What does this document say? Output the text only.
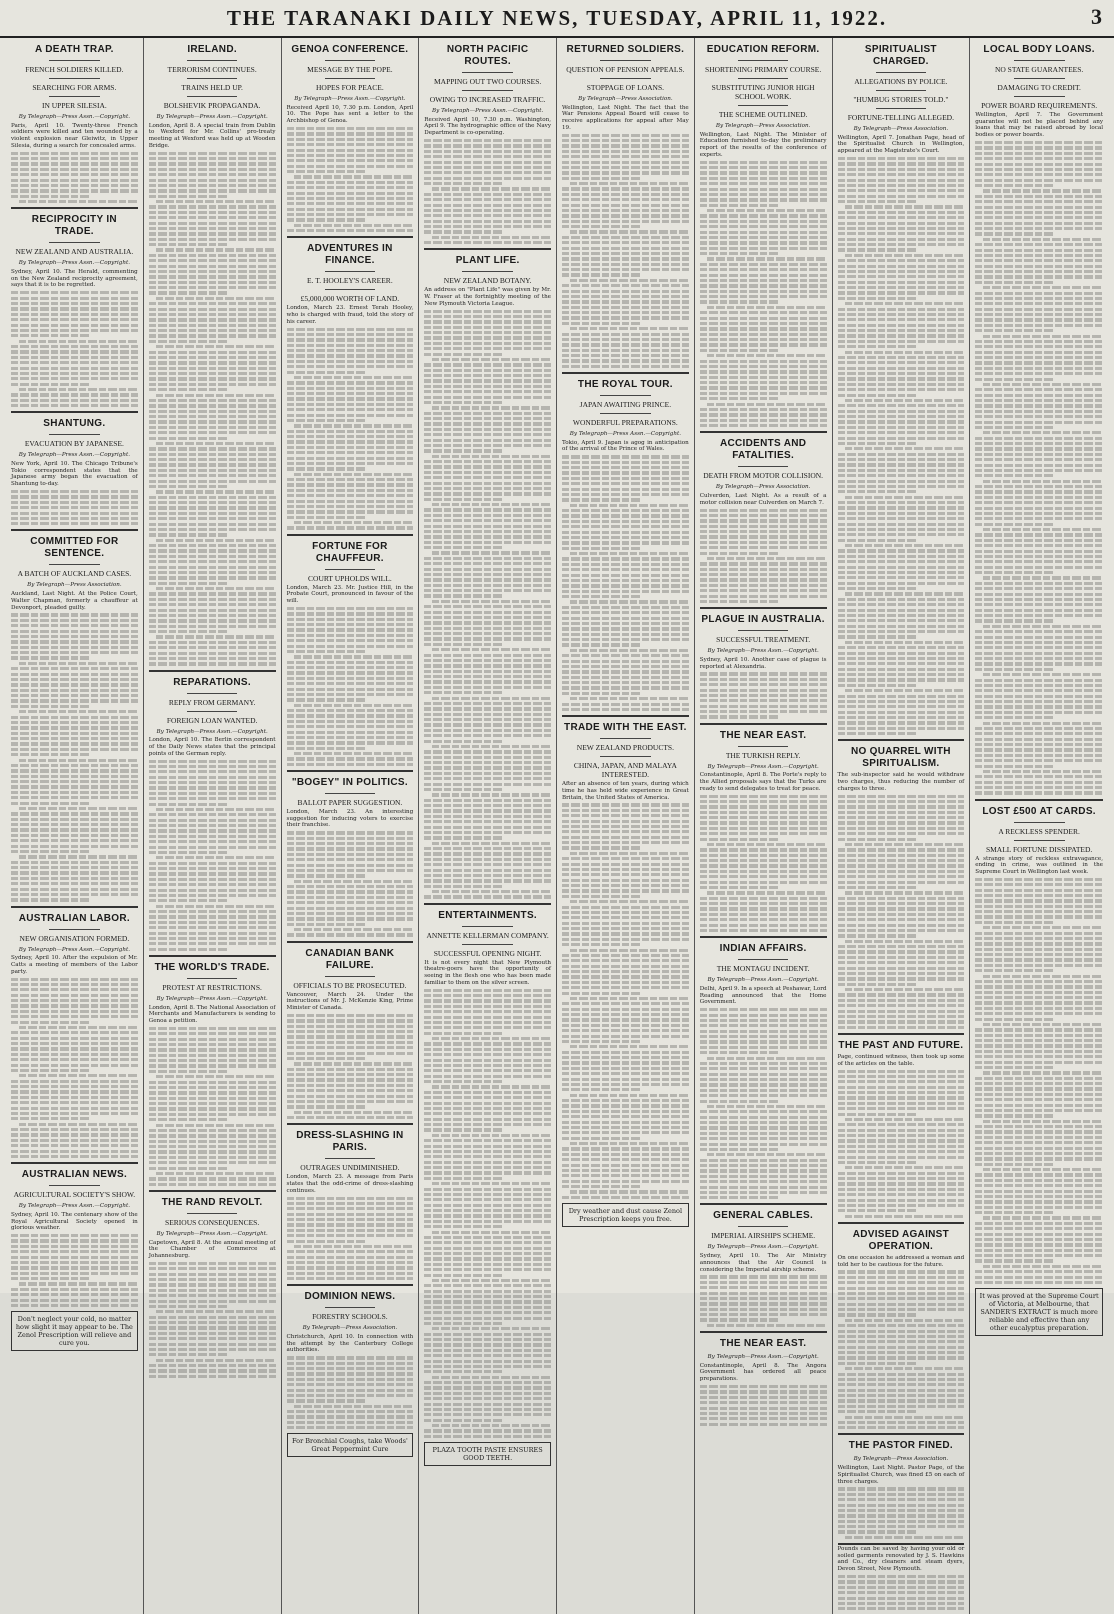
THE TARANAKI DAILY NEWS, TUESDAY, APRIL 11, 1922.	3
A DEATH TRAP.
FRENCH SOLDIERS KILLED.
SEARCHING FOR ARMS.
IN UPPER SILESIA.
By Telegraph—Press Assn.—Copyright.
Paris, April 10. Twenty-three French soldiers were killed and ten wounded by a violent explosion near Gleiwitz, in Upper Silesia, during a search for concealed arms.
RECIPROCITY IN TRADE.
NEW ZEALAND AND AUSTRALIA.
By Telegraph—Press Assn.—Copyright.
Sydney, April 10. The Herald, commenting on the New Zealand reciprocity agreement, says that it is to be regretted.
SHANTUNG.
EVACUATION BY JAPANESE.
By Telegraph—Press Assn.—Copyright.
New York, April 10. The Chicago Tribune's Tokio correspondent states that the Japanese army began the evacuation of Shantung to-day.
COMMITTED FOR SENTENCE.
A BATCH OF AUCKLAND CASES.
By Telegraph—Press Association.
Auckland, Last Night. At the Police Court, Walter Chapman, formerly a chauffeur at Devonport, pleaded guilty.
AUSTRALIAN LABOR.
NEW ORGANISATION FORMED.
By Telegraph—Press Assn.—Copyright.
Sydney, April 10. After the expulsion of Mr. Catts a meeting of members of the Labor party.
AUSTRALIAN NEWS.
AGRICULTURAL SOCIETY'S SHOW.
By Telegraph—Press Assn.—Copyright.
Sydney, April 10. The centenary show of the Royal Agricultural Society opened in glorious weather.
Don't neglect your cold, no matter how slight it may appear to be. The Zenol Prescription will relieve and cure you.
IRELAND.
TERRORISM CONTINUES.
TRAINS HELD UP.
BOLSHEVIK PROPAGANDA.
By Telegraph—Press Assn.—Copyright.
London, April 8. A special train from Dublin to Wexford for Mr. Collins' pro-treaty meeting at Wexford was held up at Wooden Bridge.
REPARATIONS.
REPLY FROM GERMANY.
FOREIGN LOAN WANTED.
By Telegraph—Press Assn.—Copyright.
London, April 10. The Berlin correspondent of the Daily News states that the principal points of the German reply.
THE WORLD'S TRADE.
PROTEST AT RESTRICTIONS.
By Telegraph—Press Assn.—Copyright.
London, April 8. The National Association of Merchants and Manufacturers is sending to Genoa a petition.
THE RAND REVOLT.
SERIOUS CONSEQUENCES.
By Telegraph—Press Assn.—Copyright.
Capetown, April 8. At the annual meeting of the Chamber of Commerce at Johannesburg.
GENOA CONFERENCE.
MESSAGE BY THE POPE.
HOPES FOR PEACE.
By Telegraph—Press Assn.—Copyright.
Received April 10, 7.30 p.m. London, April 10. The Pope has sent a letter to the Archbishop of Genoa.
ADVENTURES IN FINANCE.
E. T. HOOLEY'S CAREER.
£5,000,000 WORTH OF LAND.
London, March 23. Ernest Terah Hooley, who is charged with fraud, told the story of his career.
FORTUNE FOR CHAUFFEUR.
COURT UPHOLDS WILL.
London, March 23. Mr. Justice Hill, in the Probate Court, pronounced in favour of the will.
"BOGEY" IN POLITICS.
BALLOT PAPER SUGGESTION.
London, March 23. An interesting suggestion for inducing voters to exercise their franchise.
CANADIAN BANK FAILURE.
OFFICIALS TO BE PROSECUTED.
Vancouver, March 24. Under the instructions of Mr. J. McKenzie King, Prime Minister of Canada.
DRESS-SLASHING IN PARIS.
OUTRAGES UNDIMINISHED.
London, March 23. A message from Paris states that the odd-crime of dress-slashing continues.
DOMINION NEWS.
FORESTRY SCHOOLS.
By Telegraph—Press Association.
Christchurch, April 10. In connection with the attempt by the Canterbury College authorities.
For Bronchial Coughs, take Woods' Great Peppermint Cure
NORTH PACIFIC ROUTES.
MAPPING OUT TWO COURSES.
OWING TO INCREASED TRAFFIC.
By Telegraph—Press Assn.—Copyright.
Received April 10, 7.30 p.m. Washington, April 9. The hydrographic office of the Navy Department is co-operating.
PLANT LIFE.
NEW ZEALAND BOTANY.
An address on "Plant Life" was given by Mr. W. Fraser at the fortnightly meeting of the New Plymouth Victoria League.
ENTERTAINMENTS.
ANNETTE KELLERMAN COMPANY.
SUCCESSFUL OPENING NIGHT.
It is not every night that New Plymouth theatre-goers have the opportunity of seeing in the flesh one who has been made familiar to them on the silver screen.
PLAZA TOOTH PASTE ENSURES GOOD TEETH.
RETURNED SOLDIERS.
QUESTION OF PENSION APPEALS.
STOPPAGE OF LOANS.
By Telegraph—Press Association.
Wellington, Last Night. The fact that the War Pensions Appeal Board will cease to receive applications for appeal after May 19.
THE ROYAL TOUR.
JAPAN AWAITING PRINCE.
WONDERFUL PREPARATIONS.
By Telegraph—Press Assn.—Copyright.
Tokio, April 9. Japan is agog in anticipation of the arrival of the Prince of Wales.
TRADE WITH THE EAST.
NEW ZEALAND PRODUCTS.
CHINA, JAPAN, AND MALAYA INTERESTED.
After an absence of ten years, during which time he has held wide experience in Great Britain, the United States of America.
Dry weather and dust cause Zenol Prescription keeps you free.
EDUCATION REFORM.
SHORTENING PRIMARY COURSE.
SUBSTITUTING JUNIOR HIGH SCHOOL WORK.
THE SCHEME OUTLINED.
By Telegraph—Press Association.
Wellington, Last Night. The Minister of Education furnished to-day the preliminary report of the results of the conference of experts.
ACCIDENTS AND FATALITIES.
DEATH FROM MOTOR COLLISION.
By Telegraph—Press Association.
Culverden, Last Night. As a result of a motor collision near Culverden on March 7.
PLAGUE IN AUSTRALIA.
SUCCESSFUL TREATMENT.
By Telegraph—Press Assn.—Copyright.
Sydney, April 10. Another case of plague is reported at Alexandria.
THE NEAR EAST.
THE TURKISH REPLY.
By Telegraph—Press Assn.—Copyright.
Constantinople, April 8. The Porte's reply to the Allied proposals says that the Turks are ready to send delegates to treat for peace.
INDIAN AFFAIRS.
THE MONTAGU INCIDENT.
By Telegraph—Press Assn.—Copyright.
Delhi, April 9. In a speech at Peshawar, Lord Reading announced that the Home Government.
GENERAL CABLES.
IMPERIAL AIRSHIPS SCHEME.
By Telegraph—Press Assn.—Copyright.
Sydney, April 10. The Air Ministry announces that the Air Council is considering the Imperial airship scheme.
THE NEAR EAST.
By Telegraph—Press Assn.—Copyright.
Constantinople, April 8. The Angora Government has ordered all peace preparations.
SPIRITUALIST CHARGED.
ALLEGATIONS BY POLICE.
"HUMBUG STORIES TOLD."
FORTUNE-TELLING ALLEGED.
By Telegraph—Press Association.
Wellington, April 7. Jonathan Page, head of the Spiritualist Church in Wellington, appeared at the Magistrate's Court.
NO QUARREL WITH SPIRITUALISM.
The sub-inspector said he would withdraw two charges, thus reducing the number of charges to three.
THE PAST AND FUTURE.
Page, continued witness, then took up some of the articles on the table.
ADVISED AGAINST OPERATION.
On one occasion he addressed a woman and told her to be cautious for the future.
THE PASTOR FINED.
By Telegraph—Press Association.
Wellington, Last Night. Pastor Page, of the Spiritualist Church, was fined £5 on each of three charges.
Pounds can be saved by having your old or soiled garments renovated by J. S. Hawkins and Co., dry cleaners and steam dyers, Devon Street, New Plymouth.
LOCAL BODY LOANS.
NO STATE GUARANTEES.
DAMAGING TO CREDIT.
POWER BOARD REQUIREMENTS.
Wellington, April 7. The Government guarantee will not be placed behind any loans that may be raised abroad by local bodies or power boards.
LOST £500 AT CARDS.
A RECKLESS SPENDER.
SMALL FORTUNE DISSIPATED.
A strange story of reckless extravagance, ending in crime, was outlined in the Supreme Court in Wellington last week.
It was proved at the Supreme Court of Victoria, at Melbourne, that SANDER'S EXTRACT is much more reliable and effective than any other eucalyptus preparation.
